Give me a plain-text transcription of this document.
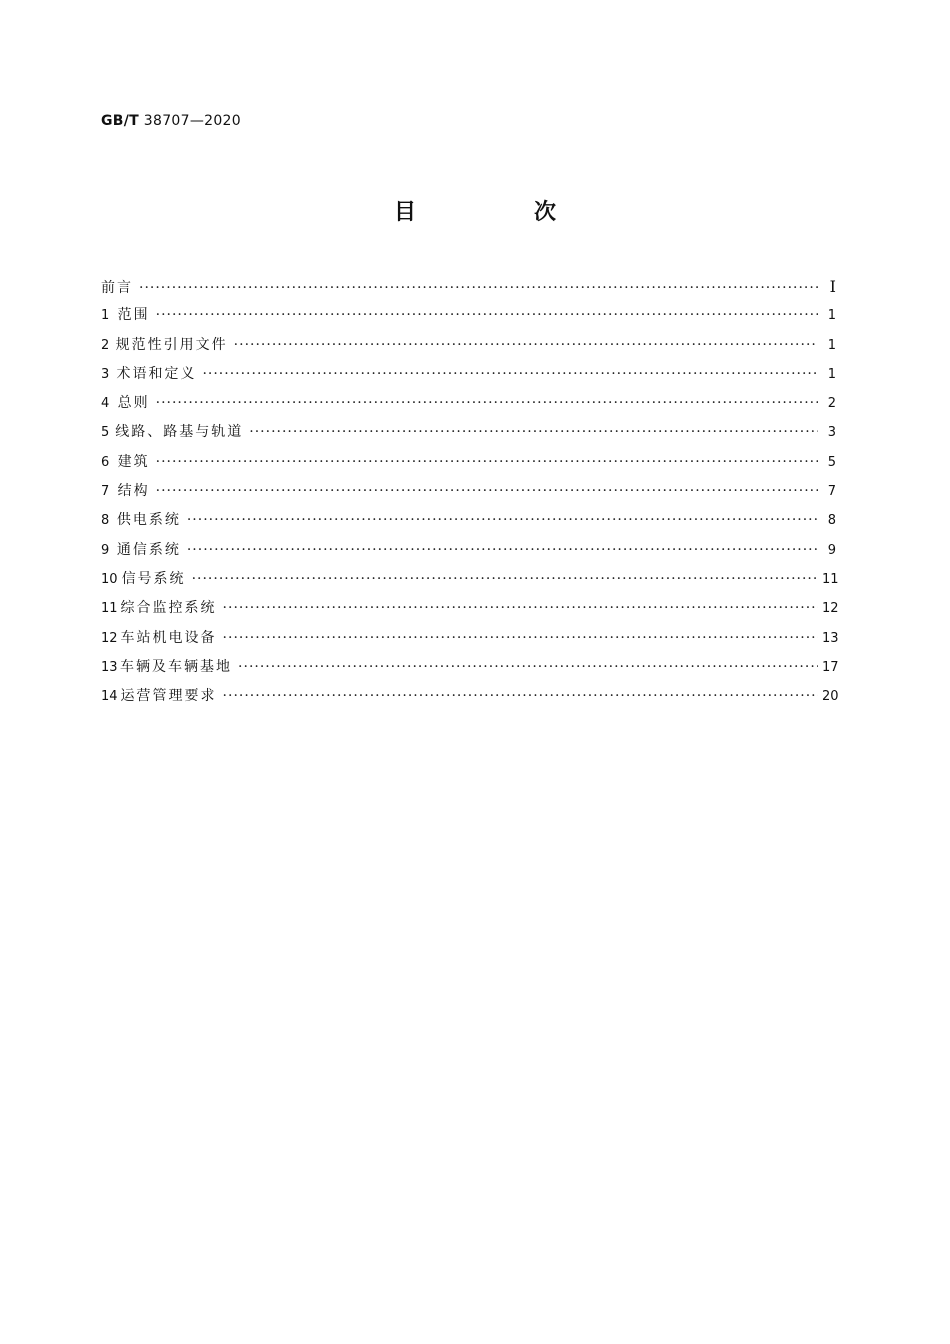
GB/T 38707—2020
目　次
前言 ·····	Ⅰ
1 范围 ·····	1
2 规范性引用文件 ·····	1
3 术语和定义 ·····	1
4 总则 ·····	2
5 线路、路基与轨道 ·····	3
6 建筑 ·····	5
7 结构 ·····	7
8 供电系统 ·····	8
9 通信系统 ·····	9
10 信号系统 ·····	11
11 综合监控系统 ·····	12
12 车站机电设备 ·····	13
13 车辆及车辆基地 ·····	17
14 运营管理要求 ·····	20
